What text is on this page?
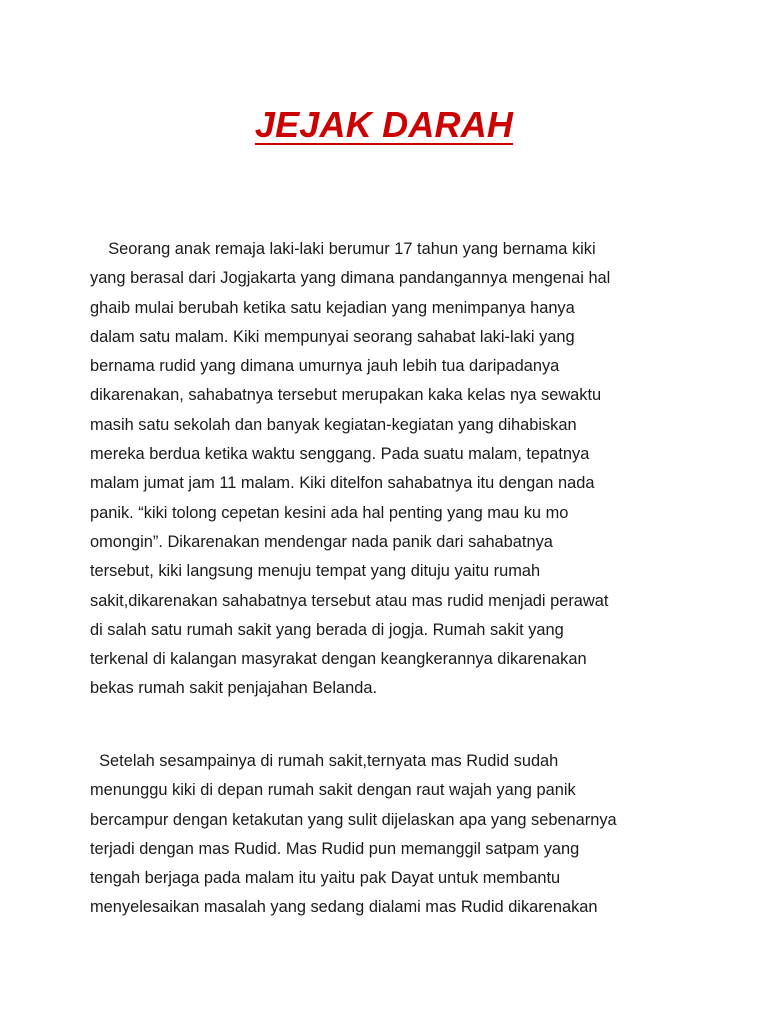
JEJAK DARAH
Seorang anak remaja laki-laki berumur 17 tahun yang bernama kiki
yang berasal dari Jogjakarta yang dimana pandangannya mengenai hal
ghaib mulai berubah ketika satu kejadian yang menimpanya hanya
dalam satu malam. Kiki mempunyai seorang sahabat laki-laki yang
bernama rudid yang dimana umurnya jauh lebih tua daripadanya
dikarenakan, sahabatnya tersebut merupakan kaka kelas nya sewaktu
masih satu sekolah dan banyak kegiatan-kegiatan yang dihabiskan
mereka berdua ketika waktu senggang. Pada suatu malam, tepatnya
malam jumat jam 11 malam. Kiki ditelfon sahabatnya itu dengan nada
panik. “kiki tolong cepetan kesini ada hal penting yang mau ku mo
omongin”. Dikarenakan mendengar nada panik dari sahabatnya
tersebut, kiki langsung menuju tempat yang dituju yaitu rumah
sakit,dikarenakan sahabatnya tersebut atau mas rudid menjadi perawat
di salah satu rumah sakit yang berada di jogja. Rumah sakit yang
terkenal di kalangan masyrakat dengan keangkerannya dikarenakan
bekas rumah sakit penjajahan Belanda.
Setelah sesampainya di rumah sakit,ternyata mas Rudid sudah
menunggu kiki di depan rumah sakit dengan raut wajah yang panik
bercampur dengan ketakutan yang sulit dijelaskan apa yang sebenarnya
terjadi dengan mas Rudid. Mas Rudid pun memanggil satpam yang
tengah berjaga pada malam itu yaitu pak Dayat untuk membantu
menyelesaikan masalah yang sedang dialami mas Rudid dikarenakan
